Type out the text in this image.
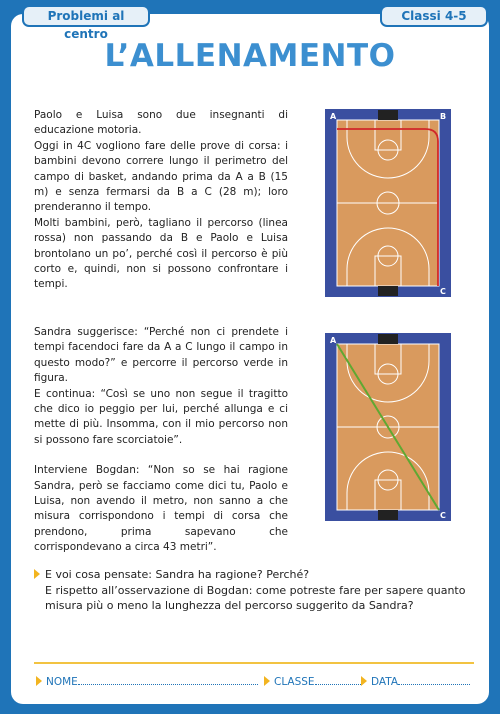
Problemi al centro
Classi 4-5
L’ALLENAMENTO

Paolo e Luisa sono due insegnanti di educazione motoria.

Oggi in 4C vogliono fare delle prove di corsa: i bambini devono correre lungo il perimetro del campo di basket, andando prima da A a B (15 m) e senza fermarsi da B a C (28 m); loro prenderanno il tempo.

Molti bambini, però, tagliano il percorso (linea rossa) non passando da B e Paolo e Luisa brontolano un po’, perché così il percorso è più corto e, quindi, non si possono confrontare i tempi.

A	B
C

Sandra suggerisce: “Perché non ci prendete i tempi facendoci fare da A a C lungo il campo in questo modo?” e percorre il percorso verde in figura.

E continua: “Così se uno non segue il tragitto che dico io peggio per lui, perché allunga e ci mette di più. Insomma, con il mio percorso non si possono fare scorciatoie”.

Interviene Bogdan: “Non so se hai ragione Sandra, però se facciamo come dici tu, Paolo e Luisa, non avendo il metro, non sanno a che misura corrispondono i tempi di corsa che prendono, prima sapevano che corrispondevano a circa 43 metri”.

A
C
E voi cosa pensate: Sandra ha ragione? Perché?
E rispetto all’osservazione di Bogdan: come potreste fare per sapere quanto
misura più o meno la lunghezza del percorso suggerito da Sandra?
NOME	CLASSE	DATA
